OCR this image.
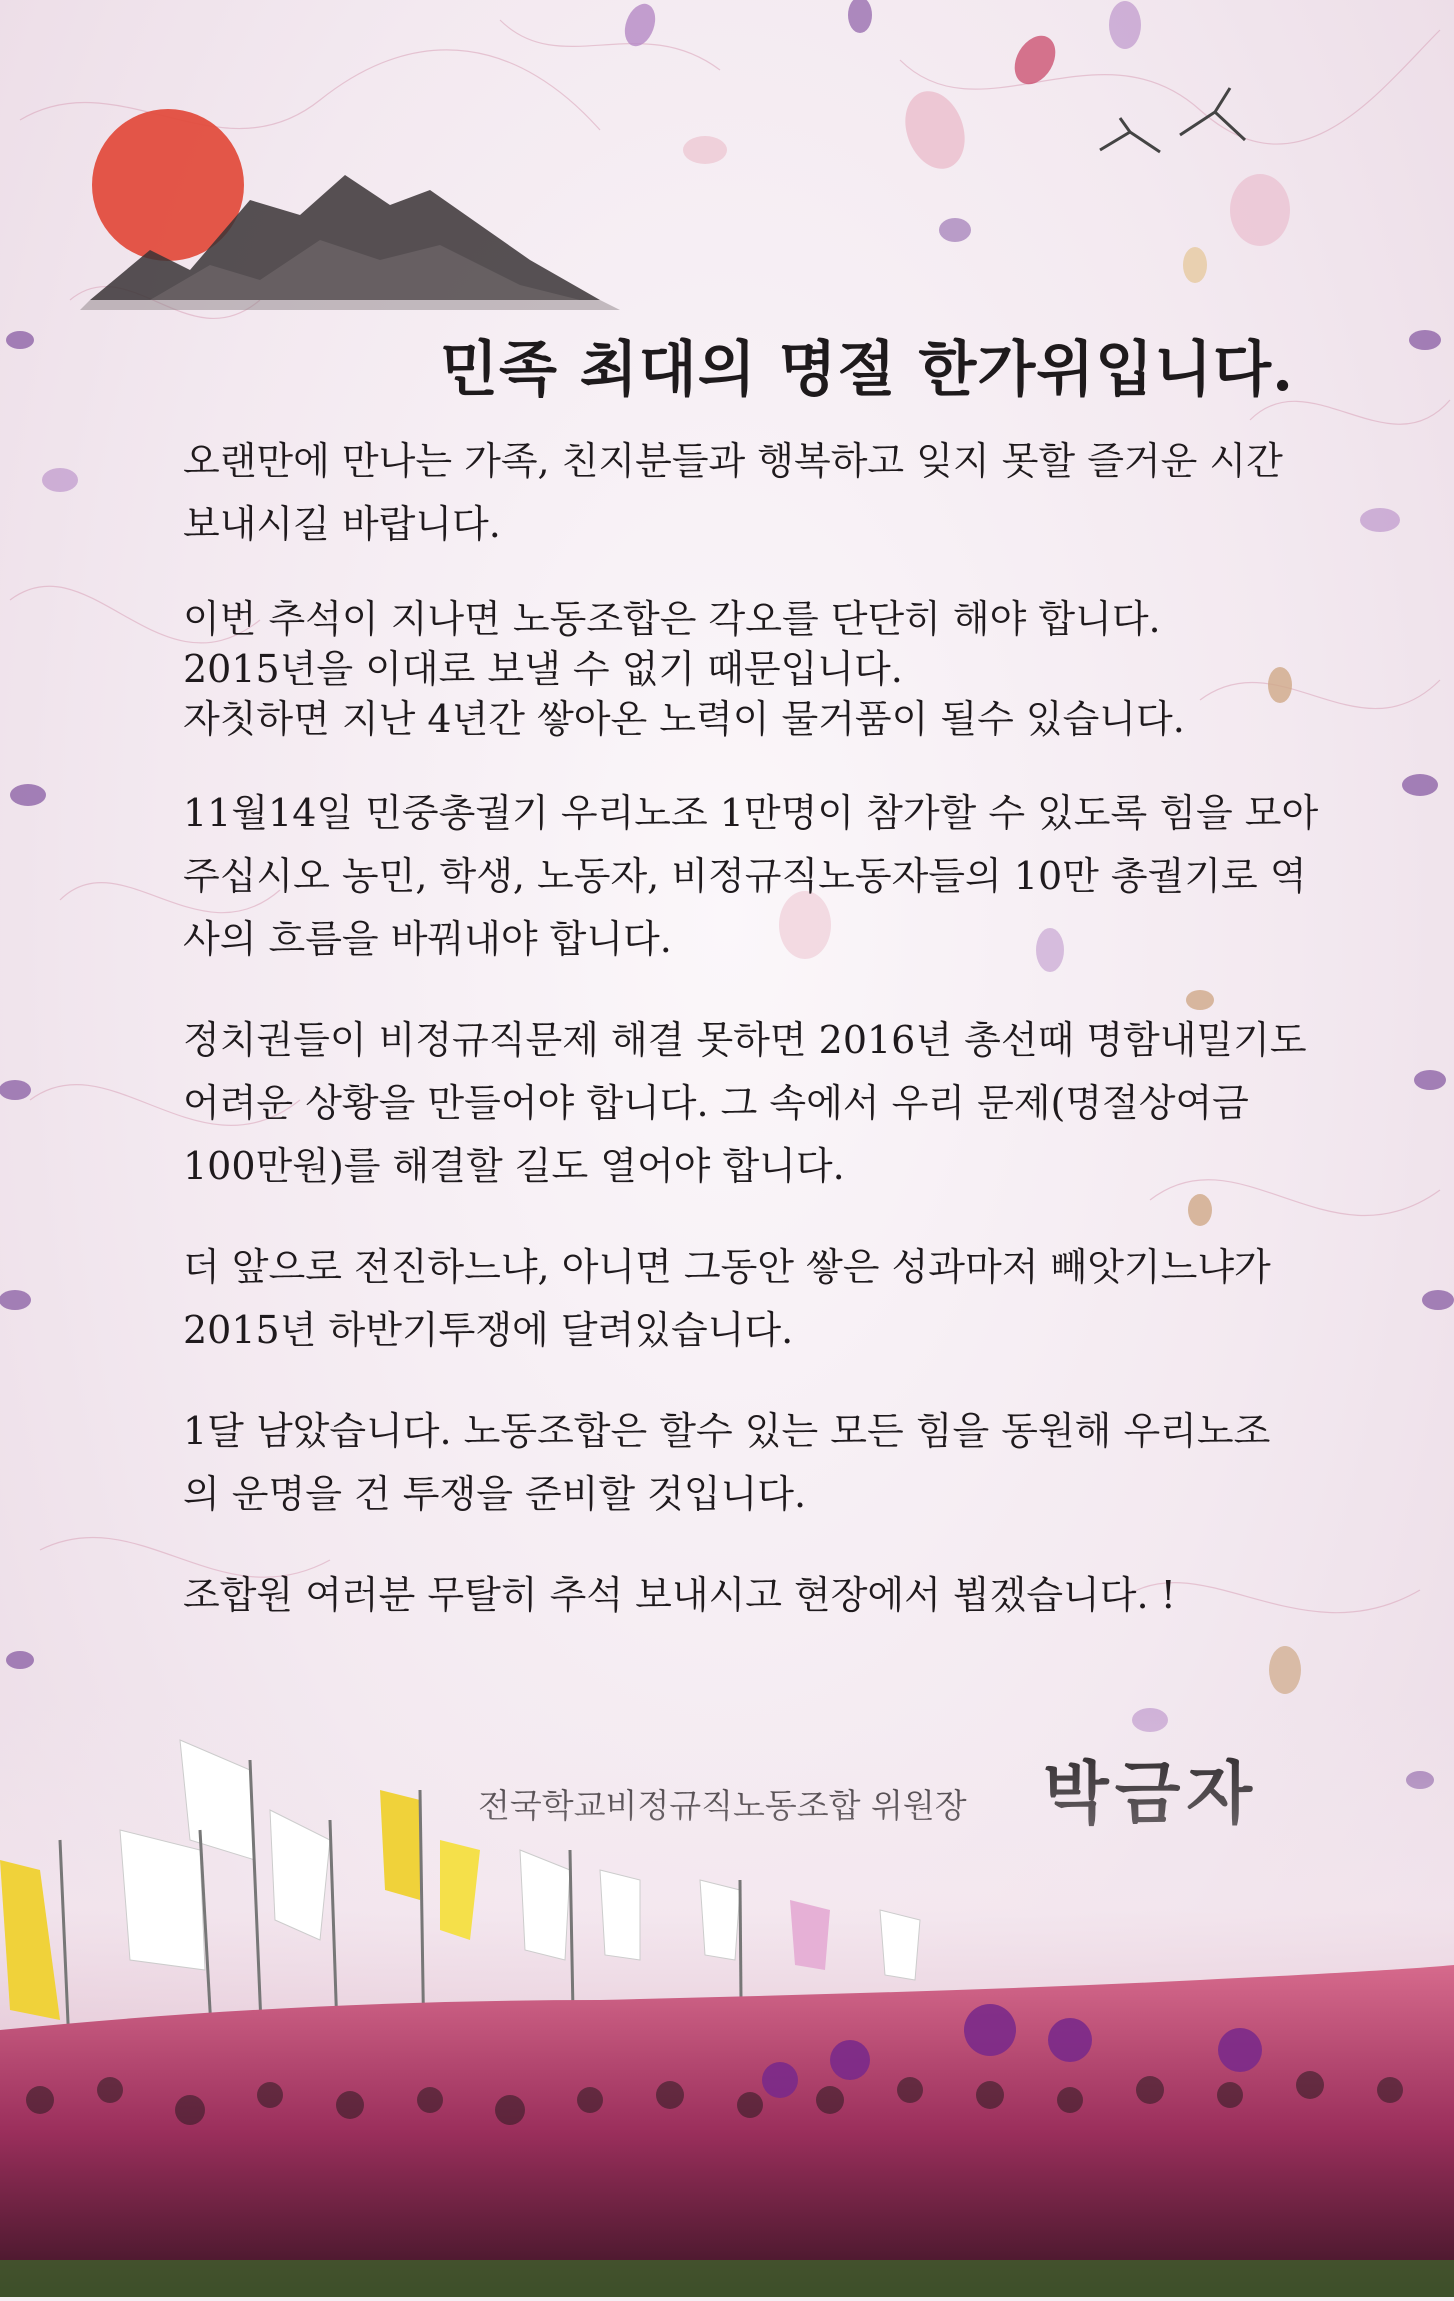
민족 최대의 명절 한가위입니다.

오랜만에 만나는 가족, 친지분들과 행복하고 잊지 못할 즐거운 시간
보내시길 바랍니다.

이번 추석이 지나면 노동조합은 각오를 단단히 해야 합니다.
2015년을 이대로 보낼 수 없기 때문입니다.
자칫하면 지난 4년간 쌓아온 노력이 물거품이 될수 있습니다.

11월14일 민중총궐기 우리노조 1만명이 참가할 수 있도록 힘을 모아
주십시오 농민, 학생, 노동자, 비정규직노동자들의 10만 총궐기로 역
사의 흐름을 바꿔내야 합니다.

정치권들이 비정규직문제 해결 못하면 2016년 총선때 명함내밀기도
어려운 상황을 만들어야 합니다. 그 속에서 우리 문제(명절상여금
100만원)를 해결할 길도 열어야 합니다.

더 앞으로 전진하느냐, 아니면 그동안 쌓은 성과마저 빼앗기느냐가
2015년 하반기투쟁에 달려있습니다.

1달 남았습니다. 노동조합은 할수 있는 모든 힘을 동원해 우리노조
의 운명을 건 투쟁을 준비할 것입니다.

조합원 여러분 무탈히 추석 보내시고 현장에서 뵙겠습니다. !
